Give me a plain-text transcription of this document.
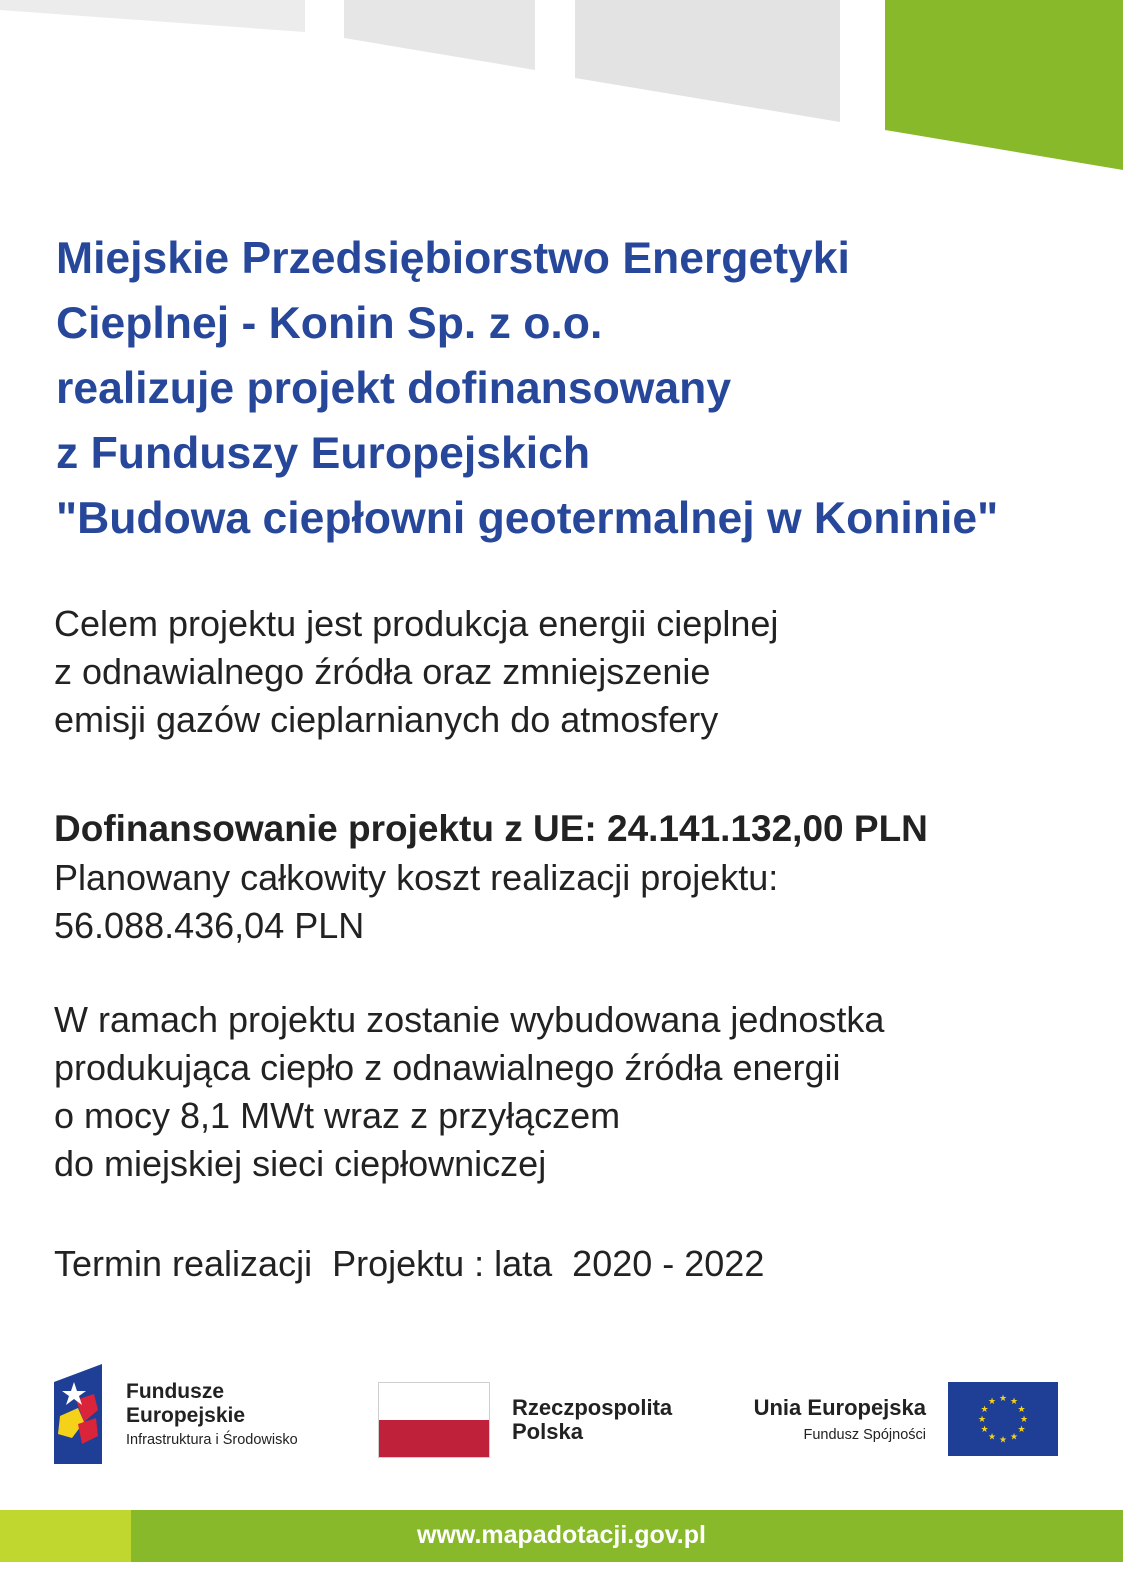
Miejskie Przedsiębiorstwo Energetyki
Cieplnej - Konin Sp. z o.o.
realizuje projekt dofinansowany
z Funduszy Europejskich
"Budowa ciepłowni geotermalnej w Koninie"
Celem projektu jest produkcja energii cieplnej
z odnawialnego źródła oraz zmniejszenie
emisji gazów cieplarnianych do atmosfery
Dofinansowanie projektu z UE: 24.141.132,00 PLN
Planowany całkowity koszt realizacji projektu:
56.088.436,04 PLN
W ramach projektu zostanie wybudowana jednostka
produkująca ciepło z odnawialnego źródła energii
o mocy 8,1 MWt wraz z przyłączem
do miejskiej sieci ciepłowniczej
Termin realizacji  Projektu : lata  2020 - 2022
Fundusze
Europejskie
Infrastruktura i Środowisko
Rzeczpospolita
Polska
Unia Europejska
Fundusz Spójności
★ ★
★
★
★
★
★
★
★
★
★
★
www.mapadotacji.gov.pl
